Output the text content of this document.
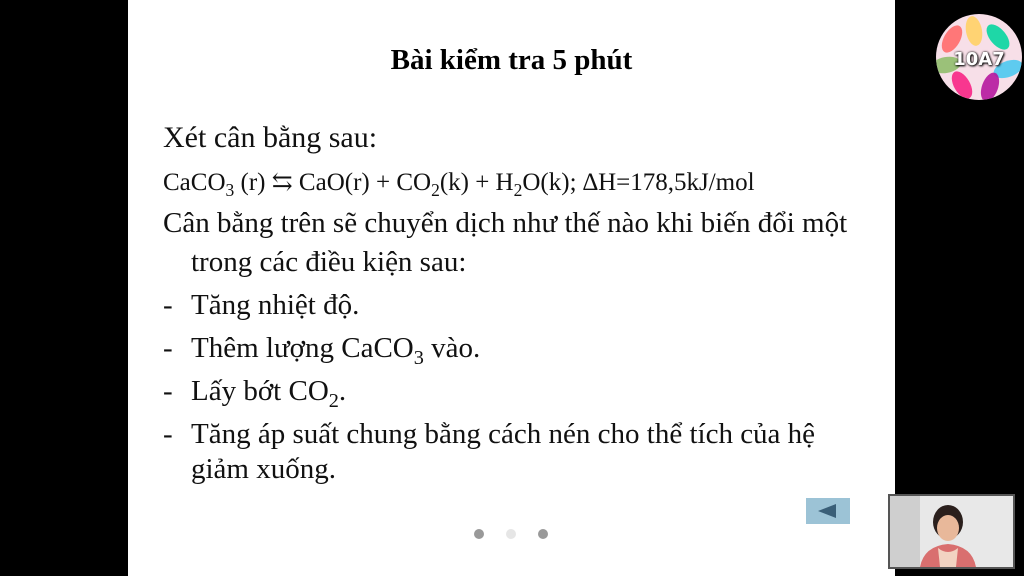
Bài kiểm tra 5 phút
Xét cân bằng sau:
CaCO$_3$ (r) ⇆ $CaO(r) + CO_2(k) + H_2O(k)$; ∆H=178,5kJ/mol
Cân bằng trên sẽ chuyển dịch như thế nào khi biến đổi một
trong các điều kiện sau:
- Tăng nhiệt độ.
- Thêm lượng CaCO$_3$ vào.
- Lấy bớt $CO_2$.
- Tăng áp suất chung bằng cách nén cho thể tích của hệ
giảm xuống.
10A7
